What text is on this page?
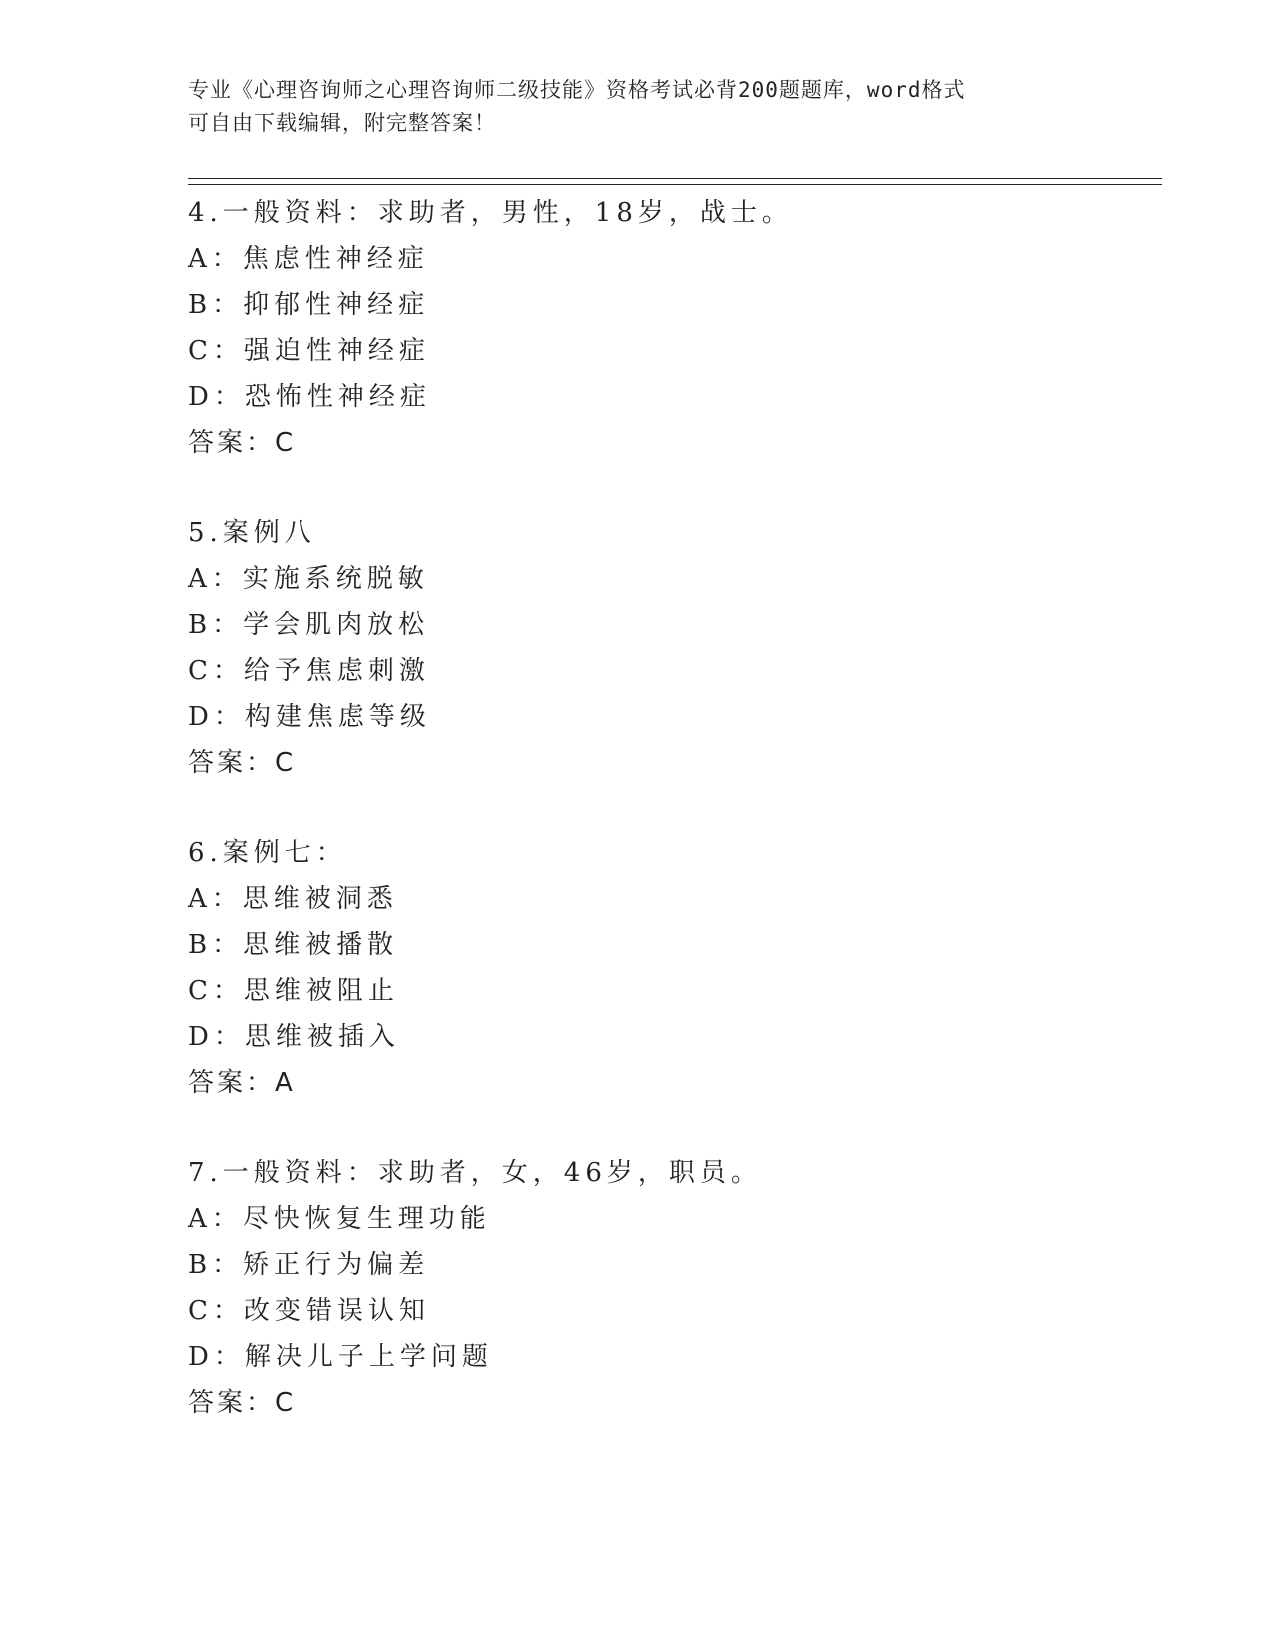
专业《心理咨询师之心理咨询师二级技能》资格考试必背200题题库，word格式
可自由下载编辑，附完整答案！
4.一般资料：求助者，男性，18岁，战士。
A：焦虑性神经症
B：抑郁性神经症
C：强迫性神经症
D：恐怖性神经症
答案：C
5.案例八
A：实施系统脱敏
B：学会肌肉放松
C：给予焦虑刺激
D：构建焦虑等级
答案：C
6.案例七：
A：思维被洞悉
B：思维被播散
C：思维被阻止
D：思维被插入
答案：A
7.一般资料：求助者，女，46岁，职员。
A：尽快恢复生理功能
B：矫正行为偏差
C：改变错误认知
D：解决儿子上学问题
答案：C
